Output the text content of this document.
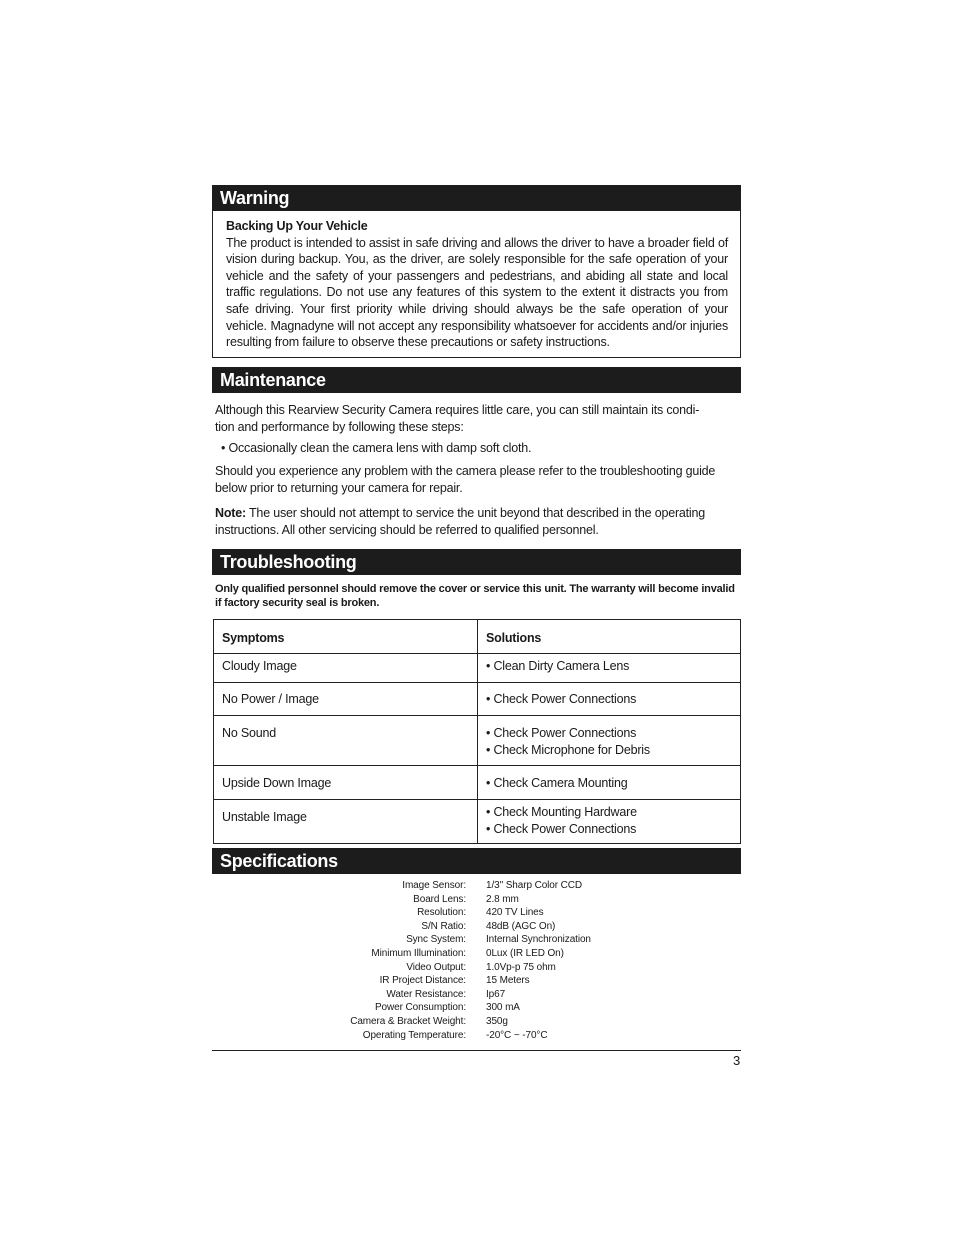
Warning
Backing Up Your Vehicle
The product is intended to assist in safe driving and allows the driver to have a broader field of vision during backup. You, as the driver, are solely responsible for the safe operation of your vehicle and the safety of your passengers and pedestrians, and abiding all state and local traffic regulations. Do not use any features of this system to the extent it distracts you from safe driving. Your first priority while driving should always be the safe operation of your vehicle. Magnadyne will not accept any responsibility whatsoever for accidents and/or injuries resulting from failure to observe these precautions or safety instructions.
Maintenance
Although this Rearview Security Camera requires little care, you can still maintain its condi-
tion and performance by following these steps:
• Occasionally clean the camera lens with damp soft cloth.
Should you experience any problem with the camera please refer to the troubleshooting guide
below prior to returning your camera for repair.
Note: The user should not attempt to service the unit beyond that described in the operating
instructions. All other servicing should be referred to qualified personnel.
Troubleshooting
Only qualified personnel should remove the cover or service this unit. The warranty will become invalid
if factory security seal is broken.
Symptoms	Solutions

Cloudy Image	• Clean Dirty Camera Lens

No Power / Image	• Check Power Connections

No Sound	• Check Power Connections
• Check Microphone for Debris

Upside Down Image	• Check Camera Mounting

Unstable Image	• Check Mounting Hardware
• Check Power Connections
Specifications
Image Sensor: 1/3" Sharp Color CCD
Board Lens: 2.8 mm
Resolution: 420 TV Lines
S/N Ratio: 48dB (AGC On)
Sync System: Internal Synchronization
Minimum Illumination: 0Lux (IR LED On)
Video Output: 1.0Vp-p 75 ohm
IR Project Distance: 15 Meters
Water Resistance: Ip67
Power Consumption: 300 mA
Camera & Bracket Weight: 350g
Operating Temperature: -20°C ~ -70°C
3
